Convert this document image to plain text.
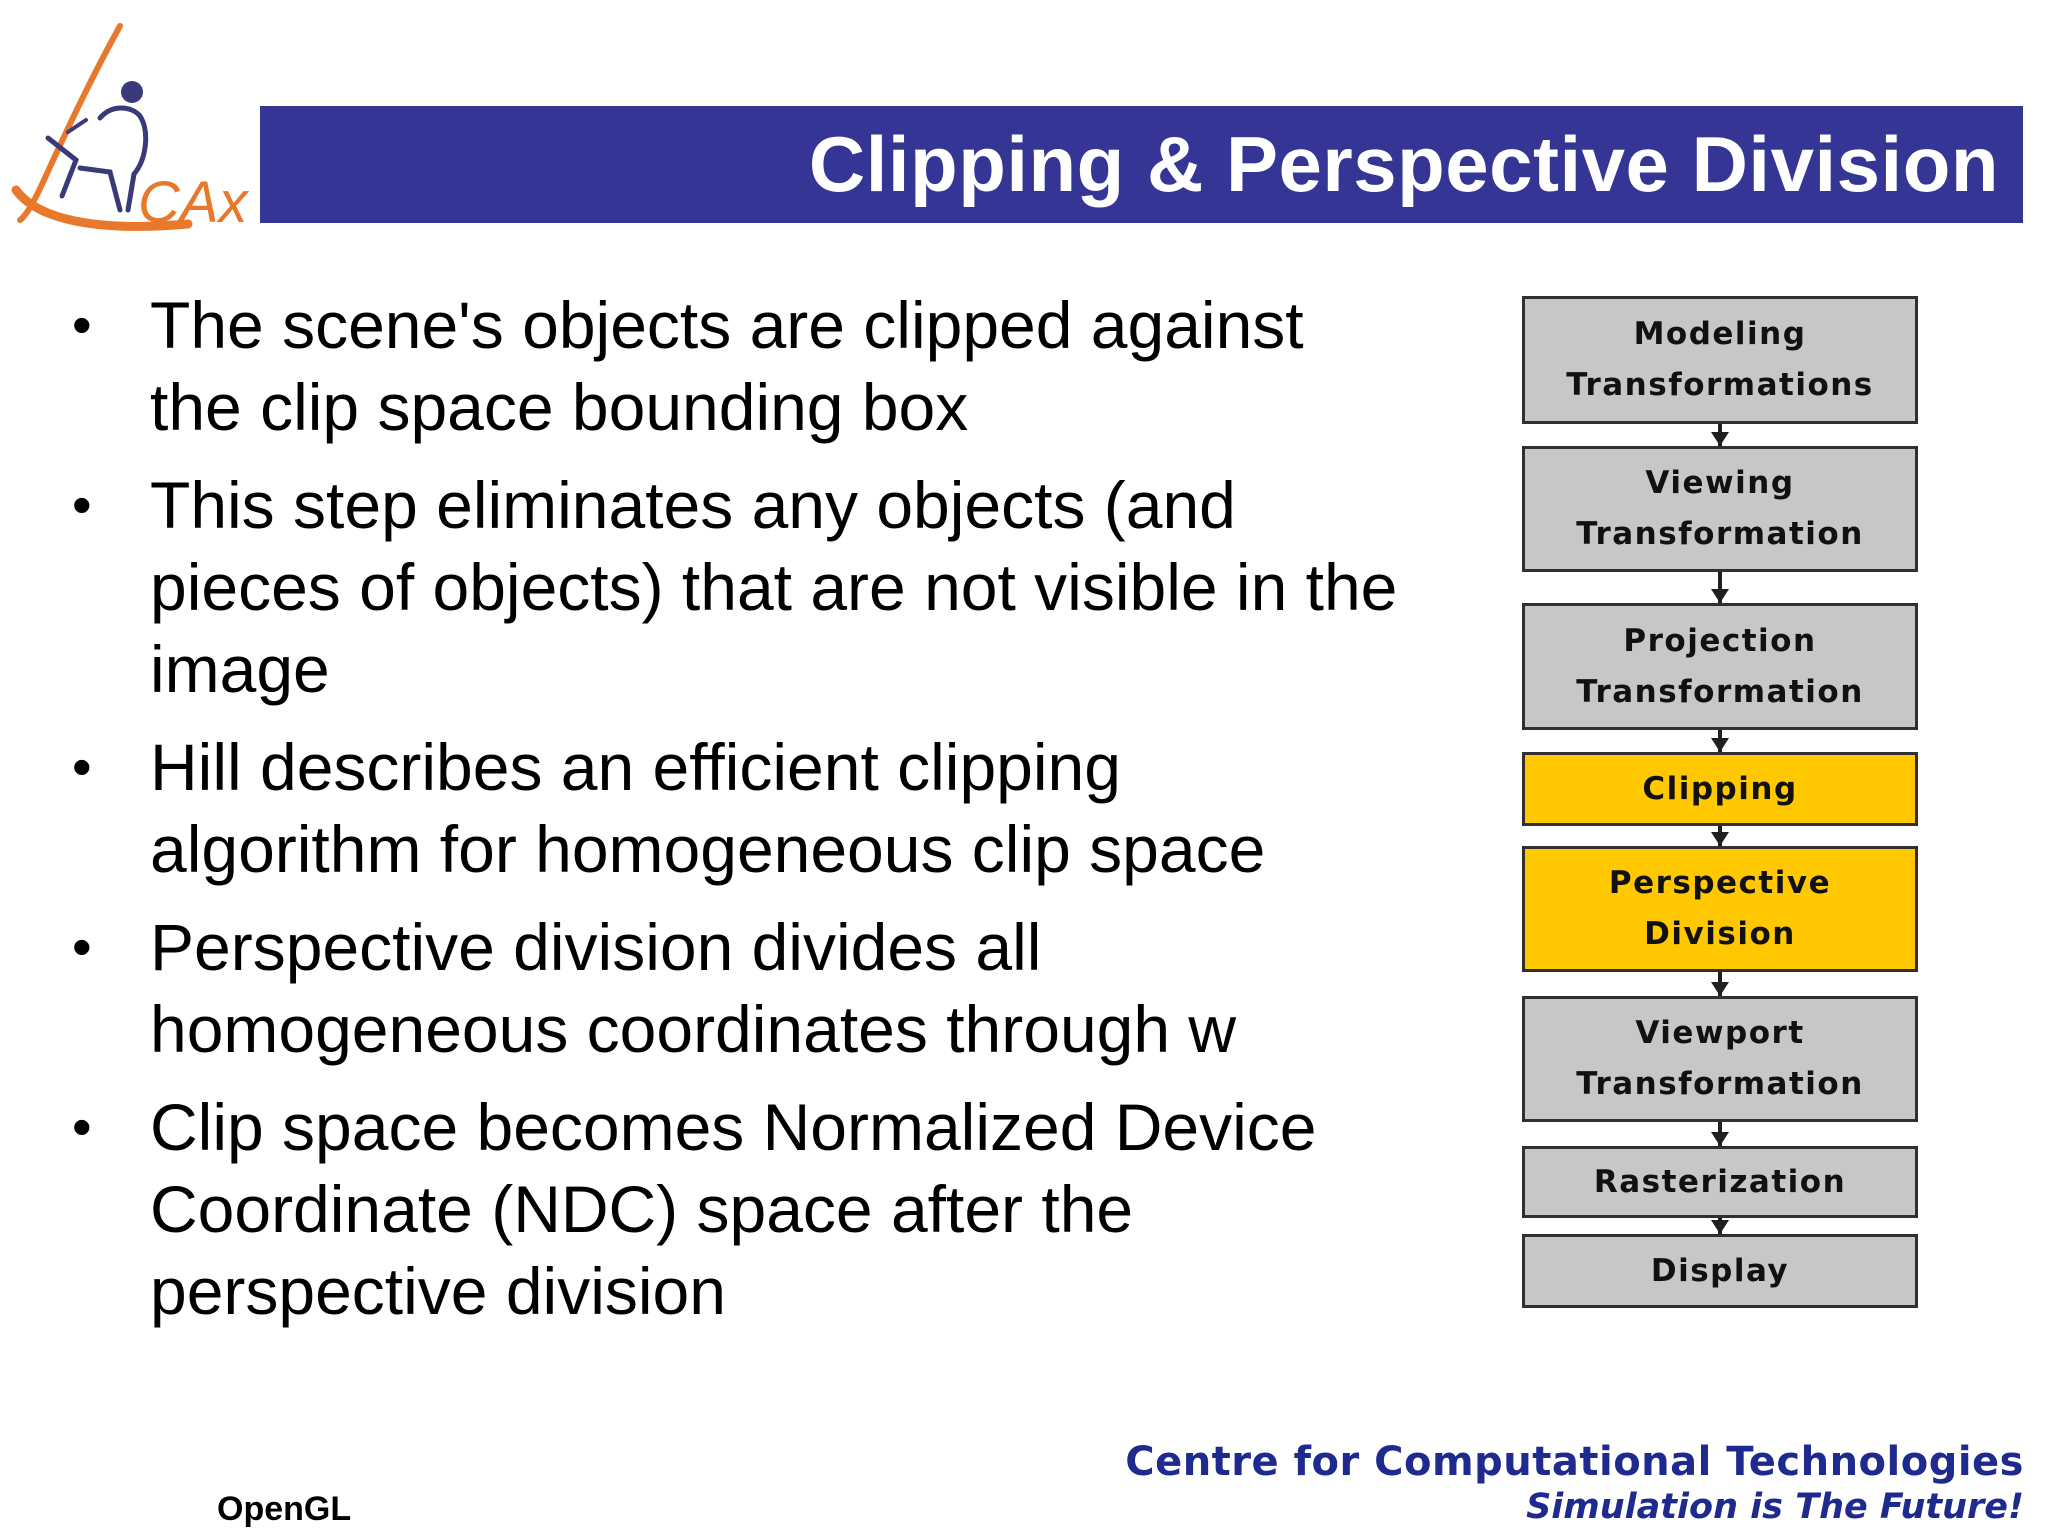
CAx	Clipping & Perspective Division
• The scene's objects are clipped against the clip space bounding box
• This step eliminates any objects (and pieces of objects) that are not visible in the image
• Hill describes an efficient clipping algorithm for homogeneous clip space
• Perspective division divides all homogeneous coordinates through w
• Clip space becomes Normalized Device Coordinate (NDC) space after the perspective division
Modeling
Transformations
Viewing
Transformation
Projection
Transformation
Clipping
Perspective
Division
Viewport
Transformation
Rasterization
Display
OpenGL
Centre for Computational Technologies
Simulation is The Future!
